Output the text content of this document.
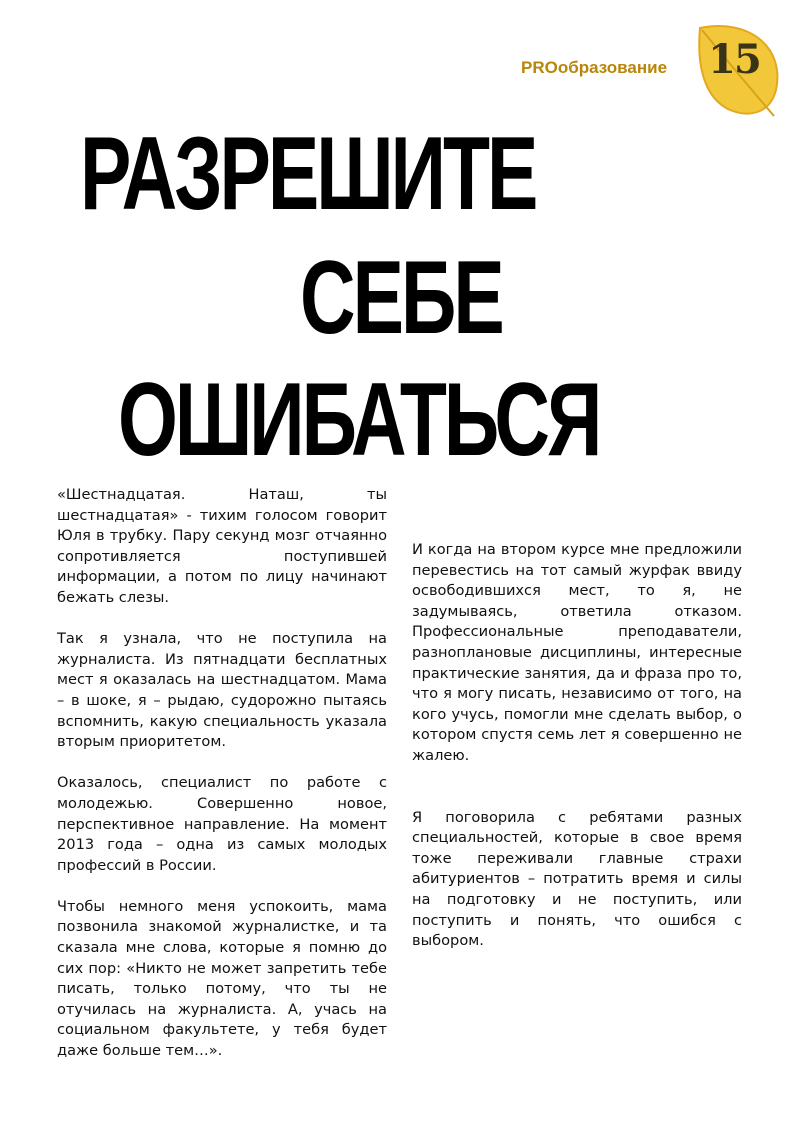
PROобразование 15
РАЗРЕШИТЕ
СЕБЕ
ОШИБАТЬСЯ

«Шестнадцатая. Наташ, ты шестнадцатая» - тихим голосом говорит Юля в трубку. Пару секунд мозг отчаянно сопротивляется поступившей информации, а потом по лицу начинают бежать слезы.

Так я узнала, что не поступила на журналиста. Из пятнадцати бесплатных мест я оказалась на шестнадцатом. Мама – в шоке, я – рыдаю, судорожно пытаясь вспомнить, какую специальность указала вторым приоритетом.

Оказалось, специалист по работе с молодежью. Совершенно новое, перспективное направление. На момент 2013 года – одна из самых молодых профессий в России.

Чтобы немного меня успокоить, мама позвонила знакомой журналистке, и та сказала мне слова, которые я помню до сих пор: «Никто не может запретить тебе писать, только потому, что ты не отучилась на журналиста. А, учась на социальном факультете, у тебя будет даже больше тем…».

И когда на втором курсе мне предложили перевестись на тот самый журфак ввиду освободившихся мест, то я, не задумываясь, ответила отказом. Профессиональные преподаватели, разноплановые дисциплины, интересные практические занятия, да и фраза про то, что я могу писать, независимо от того, на кого учусь, помогли мне сделать выбор, о котором спустя семь лет я совершенно не жалею.

Я поговорила с ребятами разных специальностей, которые в свое время тоже переживали главные страхи абитуриентов – потратить время и силы на подготовку и не поступить, или поступить и понять, что ошибся с выбором.
